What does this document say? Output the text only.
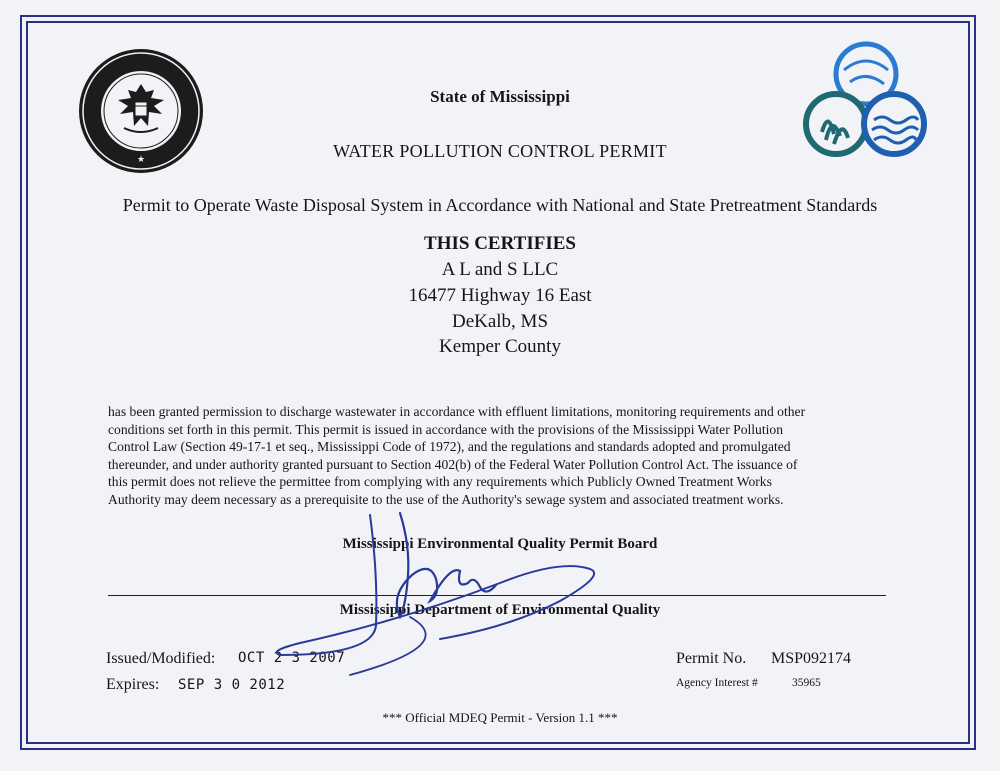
★
State of Mississippi
WATER POLLUTION CONTROL PERMIT
Permit to Operate Waste Disposal System in Accordance with National and State Pretreatment Standards
THIS CERTIFIES
A L and S LLC
16477 Highway 16 East
DeKalb, MS
Kemper County
has been granted permission to discharge wastewater in accordance with effluent limitations, monitoring requirements and other
conditions set forth in this permit. This permit is issued in accordance with the provisions of the Mississippi Water Pollution
Control Law (Section 49-17-1 et seq., Mississippi Code of 1972), and the regulations and standards adopted and promulgated
thereunder, and under authority granted pursuant to Section 402(b) of the Federal Water Pollution Control Act. The issuance of
this permit does not relieve the permittee from complying with any requirements which Publicly Owned Treatment Works
Authority may deem necessary as a prerequisite to the use of the Authority's sewage system and associated treatment works.
Mississippi Environmental Quality Permit Board
Mississippi Department of Environmental Quality
Issued/Modified: OCT 2 3 2007
Expires: SEP 3 0 2012
Permit No. MSP092174
Agency Interest #	35965
*** Official MDEQ Permit - Version 1.1 ***
